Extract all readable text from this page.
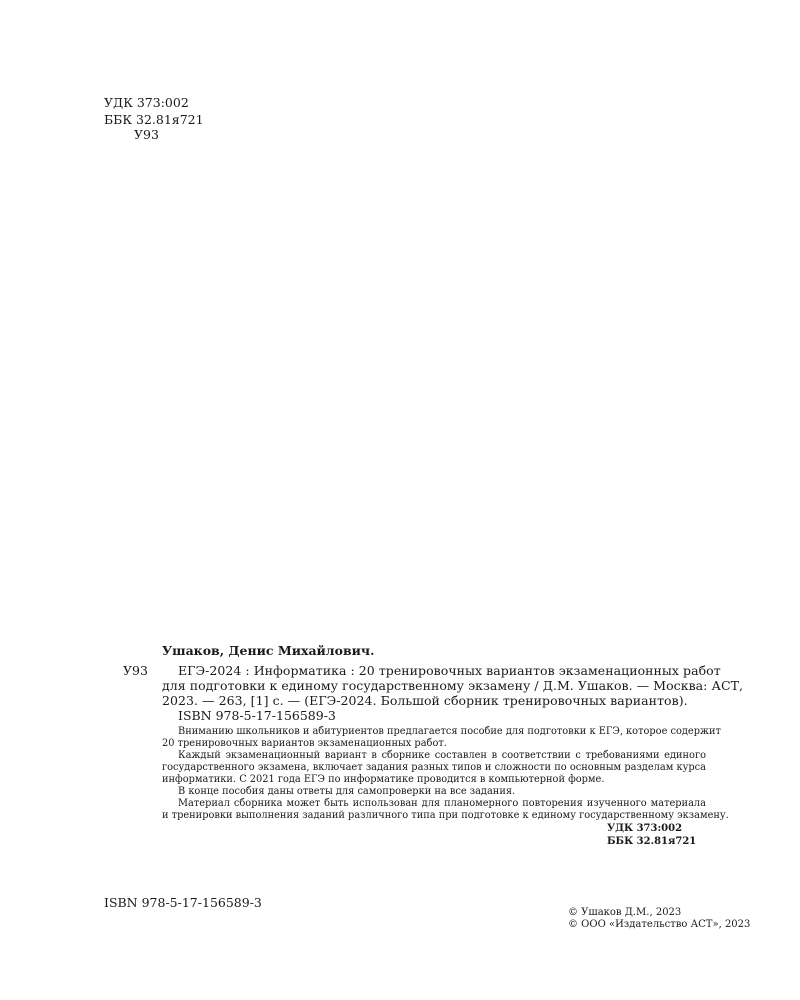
УДК 373:002
ББК 32.81я721
У93
Ушаков, Денис Михайлович.
У93 ЕГЭ-2024 : Информатика : 20 тренировочных вариантов экзаменационных работ
для подготовки к единому государственному экзамену / Д.М. Ушаков. — Москва: АСТ,
2023. — 263, [1] с. — (ЕГЭ-2024. Большой сборник тренировочных вариантов).
ISBN 978-5-17-156589-3
Вниманию школьников и абитуриентов предлагается пособие для подготовки к ЕГЭ, которое содержит
20 тренировочных вариантов экзаменационных работ.
Каждый экзаменационный вариант в сборнике составлен в соответствии с требованиями единого
государственного экзамена, включает задания разных типов и сложности по основным разделам курса
информатики. С 2021 года ЕГЭ по информатике проводится в компьютерной форме.
В конце пособия даны ответы для самопроверки на все задания.
Материал сборника может быть использован для планомерного повторения изученного материала
и тренировки выполнения заданий различного типа при подготовке к единому государственному экзамену.
УДК 373:002
ББК 32.81я721
ISBN 978-5-17-156589-3
© Ушаков Д.М., 2023
© ООО «Издательство АСТ», 2023
